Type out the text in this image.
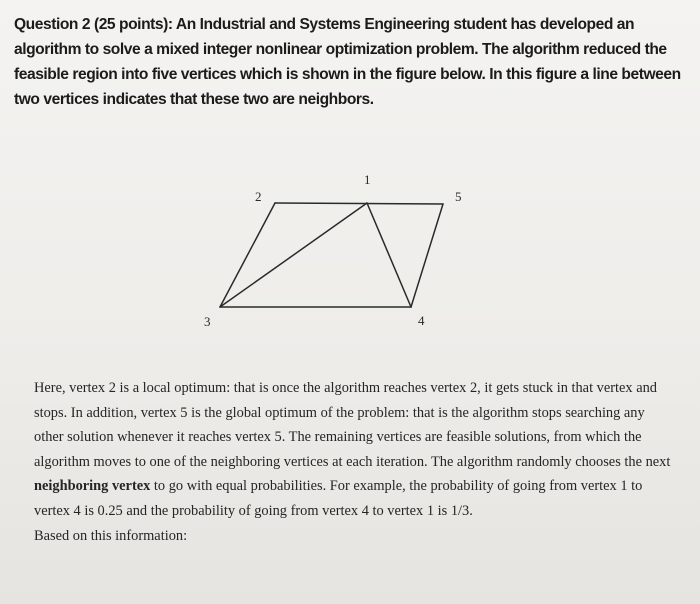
Question 2 (25 points): An Industrial and Systems Engineering student has developed an algorithm to solve a mixed integer nonlinear optimization problem. The algorithm reduced the feasible region into five vertices which is shown in the figure below. In this figure a line between two vertices indicates that these two are neighbors.
1
2
3	4
5

Here, vertex 2 is a local optimum: that is once the algorithm reaches vertex 2, it gets stuck in that vertex and stops. In addition, vertex 5 is the global optimum of the problem: that is the algorithm stops searching any other solution whenever it reaches vertex 5. The remaining vertices are feasible solutions, from which the algorithm moves to one of the neighboring vertices at each iteration. The algorithm randomly chooses the next neighboring vertex to go with equal probabilities. For example, the probability of going from vertex 1 to vertex 4 is 0.25 and the probability of going from vertex 4 to vertex 1 is 1/3.

Based on this information:
